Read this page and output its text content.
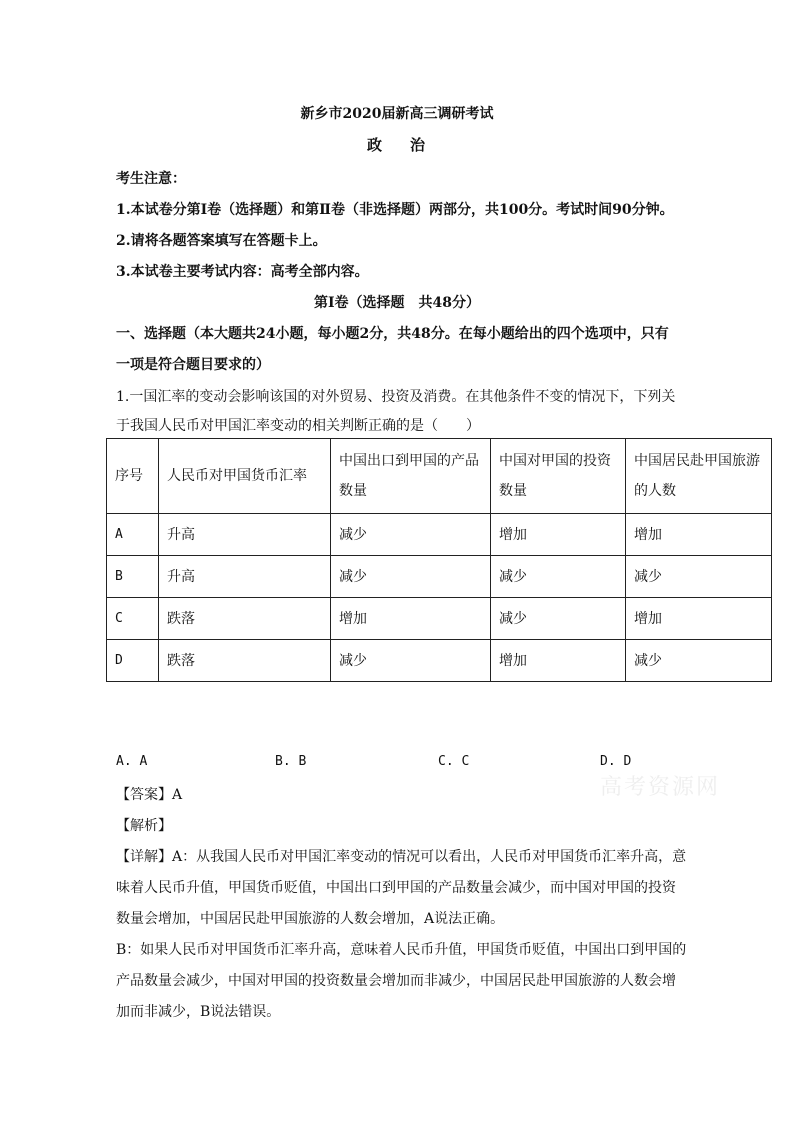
新乡市2020届新高三调研考试
政 治
考生注意：
1.本试卷分第Ⅰ卷（选择题）和第Ⅱ卷（非选择题）两部分，共100分。考试时间90分钟。
2.请将各题答案填写在答题卡上。
3.本试卷主要考试内容：高考全部内容。
第Ⅰ卷（选择题　共48分）
一、选择题（本大题共24小题，每小题2分，共48分。在每小题给出的四个选项中，只有
一项是符合题目要求的）
1.一国汇率的变动会影响该国的对外贸易、投资及消费。在其他条件不变的情况下，下列关
于我国人民币对甲国汇率变动的相关判断正确的是（　　）
序号	人民币对甲国货币汇率	中国出口到甲国的产品数量	中国对甲国的投资数量	中国居民赴甲国旅游的人数
A	升高	减少	增加	增加
B	升高	减少	减少	减少
C	跌落	增加	减少	增加
D	跌落	减少	增加	减少
A. A	B. B	C. C	D. D
高考资源网
【答案】A
【解析】
【详解】A：从我国人民币对甲国汇率变动的情况可以看出，人民币对甲国货币汇率升高，意
味着人民币升值，甲国货币贬值，中国出口到甲国的产品数量会减少，而中国对甲国的投资
数量会增加，中国居民赴甲国旅游的人数会增加，A说法正确。
B：如果人民币对甲国货币汇率升高，意味着人民币升值，甲国货币贬值，中国出口到甲国的
产品数量会减少，中国对甲国的投资数量会增加而非减少，中国居民赴甲国旅游的人数会增
加而非减少，B说法错误。
